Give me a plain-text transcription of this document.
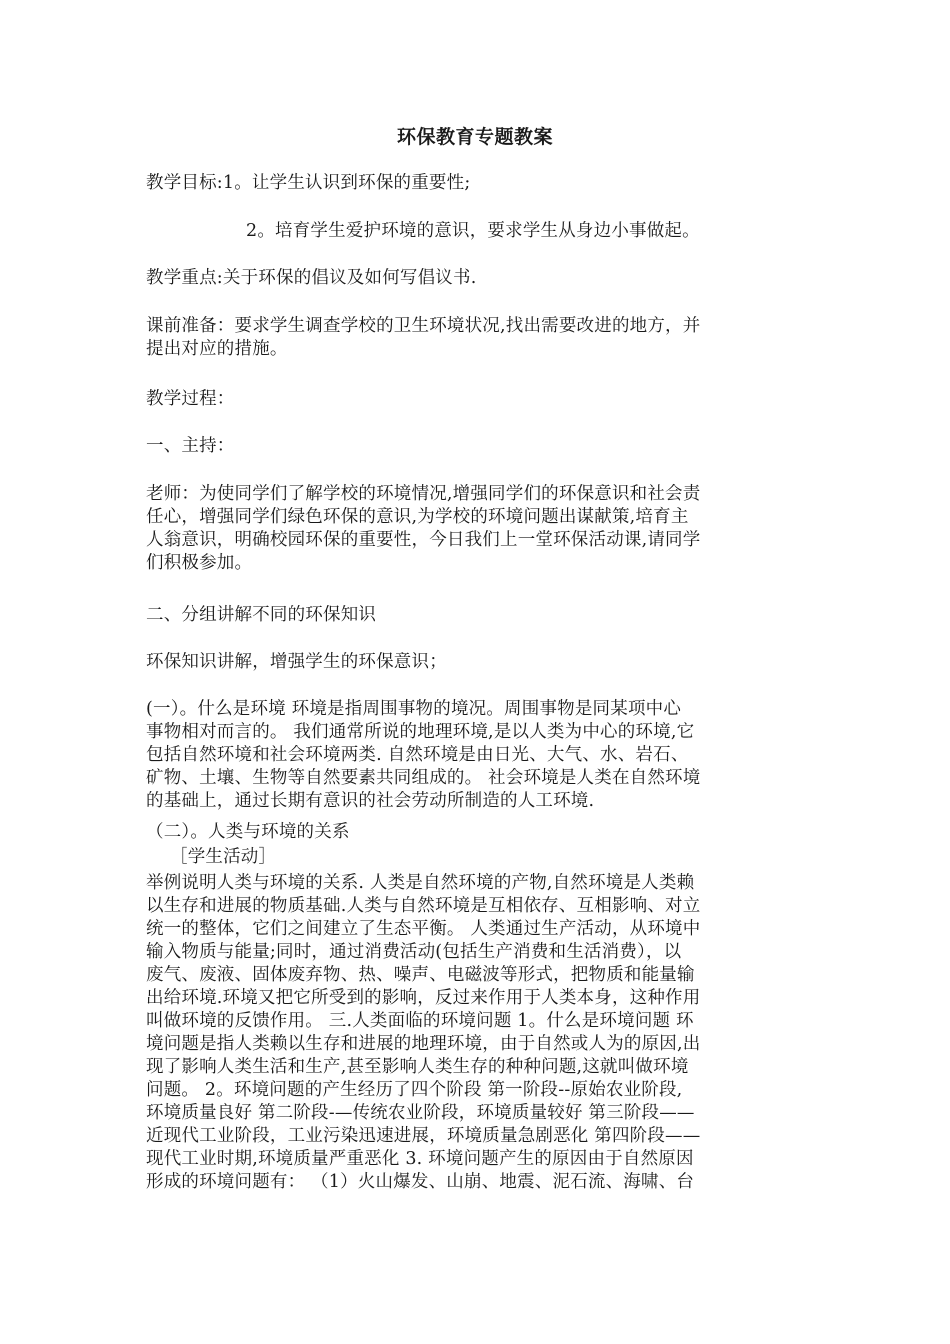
环保教育专题教案
教学目标:1。让学生认识到环保的重要性;
2。培育学生爱护环境的意识，要求学生从身边小事做起。
教学重点:关于环保的倡议及如何写倡议书.
课前准备：要求学生调查学校的卫生环境状况,找出需要改进的地方，并
提出对应的措施。
教学过程：
一、主持：
老师：为使同学们了解学校的环境情况,增强同学们的环保意识和社会责
任心，增强同学们绿色环保的意识,为学校的环境问题出谋献策,培育主
人翁意识，明确校园环保的重要性，今日我们上一堂环保活动课,请同学
们积极参加。
二、分组讲解不同的环保知识
环保知识讲解，增强学生的环保意识；
(一）。什么是环境 环境是指周围事物的境况。周围事物是同某项中心
事物相对而言的。 我们通常所说的地理环境,是以人类为中心的环境,它
包括自然环境和社会环境两类. 自然环境是由日光、大气、水、岩石、
矿物、土壤、生物等自然要素共同组成的。 社会环境是人类在自然环境
的基础上，通过长期有意识的社会劳动所制造的人工环境.
（二）。人类与环境的关系
［学生活动］
举例说明人类与环境的关系. 人类是自然环境的产物,自然环境是人类赖
以生存和进展的物质基础.人类与自然环境是互相依存、互相影响、对立
统一的整体，它们之间建立了生态平衡。 人类通过生产活动，从环境中
输入物质与能量;同时，通过消费活动(包括生产消费和生活消费），以
废气、废液、固体废弃物、热、噪声、电磁波等形式，把物质和能量输
出给环境.环境又把它所受到的影响，反过来作用于人类本身，这种作用
叫做环境的反馈作用。 三.人类面临的环境问题 1。什么是环境问题 环
境问题是指人类赖以生存和进展的地理环境，由于自然或人为的原因,出
现了影响人类生活和生产,甚至影响人类生存的种种问题,这就叫做环境
问题。 2。环境问题的产生经历了四个阶段 第一阶段--原始农业阶段,
环境质量良好 第二阶段-—传统农业阶段，环境质量较好 第三阶段——
近现代工业阶段，工业污染迅速进展，环境质量急剧恶化 第四阶段——
现代工业时期,环境质量严重恶化 3. 环境问题产生的原因由于自然原因
形成的环境问题有： （1）火山爆发、山崩、地震、泥石流、海啸、台
